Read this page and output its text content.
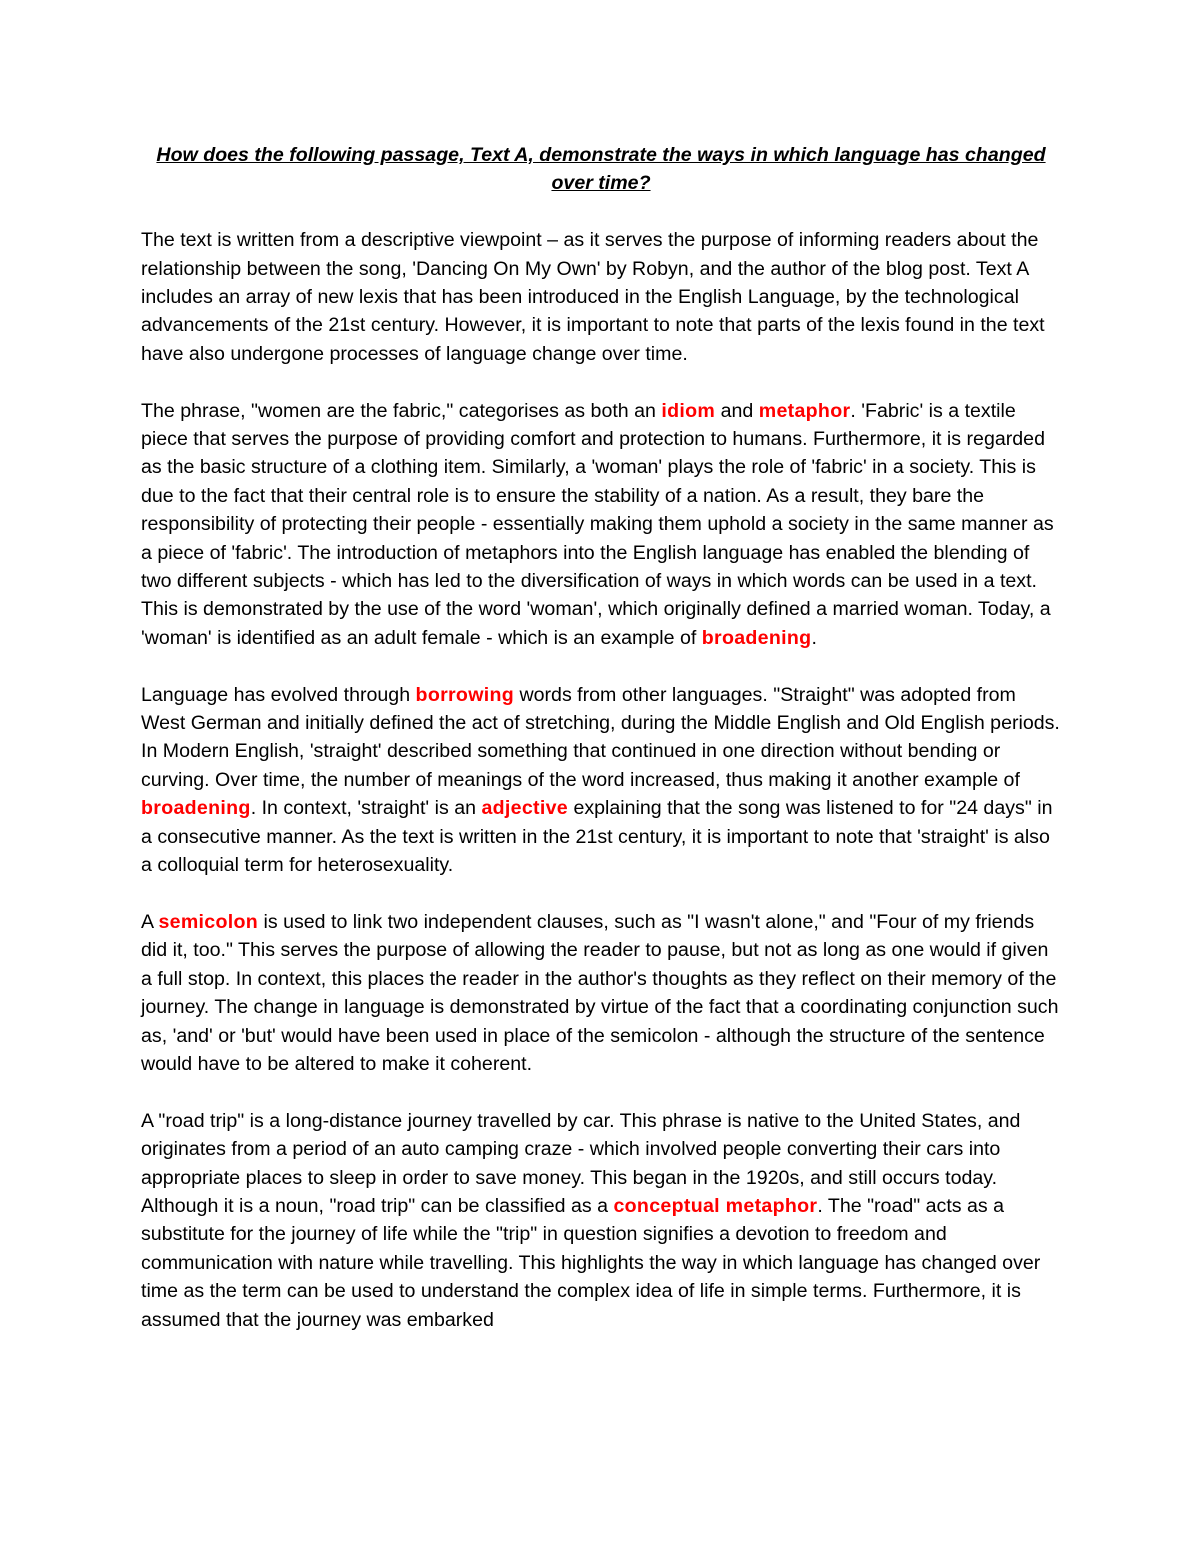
How does the following passage, Text A, demonstrate the ways in which language has changed over time?

The text is written from a descriptive viewpoint – as it serves the purpose of informing readers about the relationship between the song, 'Dancing On My Own' by Robyn, and the author of the blog post. Text A includes an array of new lexis that has been introduced in the English Language, by the technological advancements of the 21st century. However, it is important to note that parts of the lexis found in the text have also undergone processes of language change over time.

The phrase, "women are the fabric," categorises as both an idiom and metaphor. 'Fabric' is a textile piece that serves the purpose of providing comfort and protection to humans. Furthermore, it is regarded as the basic structure of a clothing item. Similarly, a 'woman' plays the role of 'fabric' in a society. This is due to the fact that their central role is to ensure the stability of a nation. As a result, they bare the responsibility of protecting their people - essentially making them uphold a society in the same manner as a piece of 'fabric'. The introduction of metaphors into the English language has enabled the blending of two different subjects - which has led to the diversification of ways in which words can be used in a text. This is demonstrated by the use of the word 'woman', which originally defined a married woman. Today, a 'woman' is identified as an adult female - which is an example of broadening.

Language has evolved through borrowing words from other languages. "Straight" was adopted from West German and initially defined the act of stretching, during the Middle English and Old English periods. In Modern English, 'straight' described something that continued in one direction without bending or curving. Over time, the number of meanings of the word increased, thus making it another example of broadening. In context, 'straight' is an adjective explaining that the song was listened to for "24 days" in a consecutive manner. As the text is written in the 21st century, it is important to note that 'straight' is also a colloquial term for heterosexuality.

A semicolon is used to link two independent clauses, such as "I wasn't alone," and "Four of my friends did it, too." This serves the purpose of allowing the reader to pause, but not as long as one would if given a full stop. In context, this places the reader in the author's thoughts as they reflect on their memory of the journey. The change in language is demonstrated by virtue of the fact that a coordinating conjunction such as, 'and' or 'but' would have been used in place of the semicolon - although the structure of the sentence would have to be altered to make it coherent.

A "road trip" is a long-distance journey travelled by car. This phrase is native to the United States, and originates from a period of an auto camping craze - which involved people converting their cars into appropriate places to sleep in order to save money. This began in the 1920s, and still occurs today. Although it is a noun, "road trip" can be classified as a conceptual metaphor. The "road" acts as a substitute for the journey of life while the "trip" in question signifies a devotion to freedom and communication with nature while travelling. This highlights the way in which language has changed over time as the term can be used to understand the complex idea of life in simple terms. Furthermore, it is assumed that the journey was embarked
